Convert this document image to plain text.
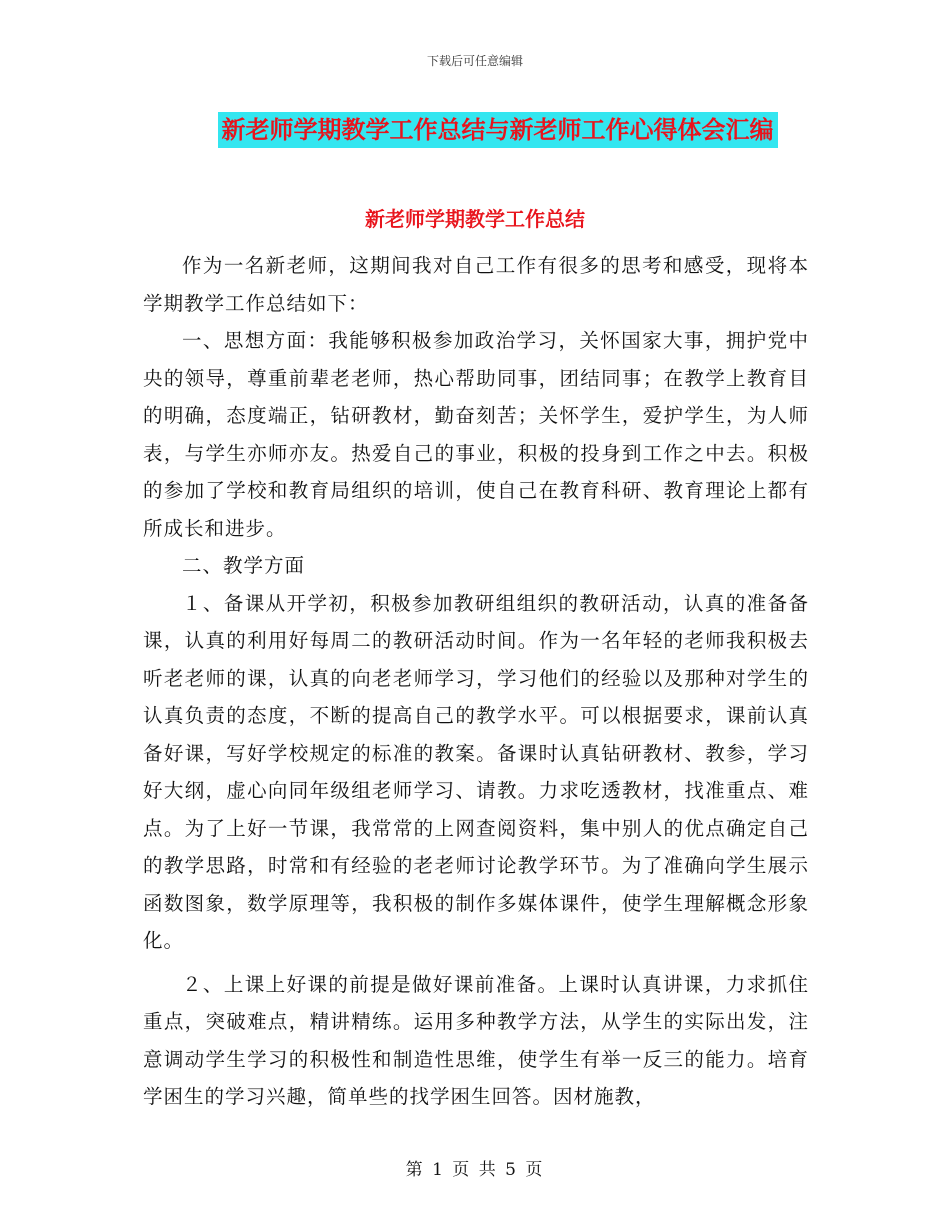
下载后可任意编辑
新老师学期教学工作总结与新老师工作心得体会汇编
新老师学期教学工作总结

作为一名新老师，这期间我对自己工作有很多的思考和感受，现将本学期教学工作总结如下：

一、思想方面：我能够积极参加政治学习，关怀国家大事，拥护党中央的领导，尊重前辈老老师，热心帮助同事，团结同事；在教学上教育目的明确，态度端正，钻研教材，勤奋刻苦；关怀学生，爱护学生，为人师表，与学生亦师亦友。热爱自己的事业，积极的投身到工作之中去。积极的参加了学校和教育局组织的培训，使自己在教育科研、教育理论上都有所成长和进步。

二、教学方面

１、备课从开学初，积极参加教研组组织的教研活动，认真的准备备课，认真的利用好每周二的教研活动时间。作为一名年轻的老师我积极去听老老师的课，认真的向老老师学习，学习他们的经验以及那种对学生的认真负责的态度，不断的提高自己的教学水平。可以根据要求，课前认真备好课，写好学校规定的标准的教案。备课时认真钻研教材、教参，学习好大纲，虚心向同年级组老师学习、请教。力求吃透教材，找准重点、难点。为了上好一节课，我常常的上网查阅资料，集中别人的优点确定自己的教学思路，时常和有经验的老老师讨论教学环节。为了准确向学生展示函数图象，数学原理等，我积极的制作多媒体课件，使学生理解概念形象化。

２、上课上好课的前提是做好课前准备。上课时认真讲课，力求抓住重点，突破难点，精讲精练。运用多种教学方法，从学生的实际出发，注意调动学生学习的积极性和制造性思维，使学生有举一反三的能力。培育学困生的学习兴趣，简单些的找学困生回答。因材施教，

第 1 页 共 5 页
